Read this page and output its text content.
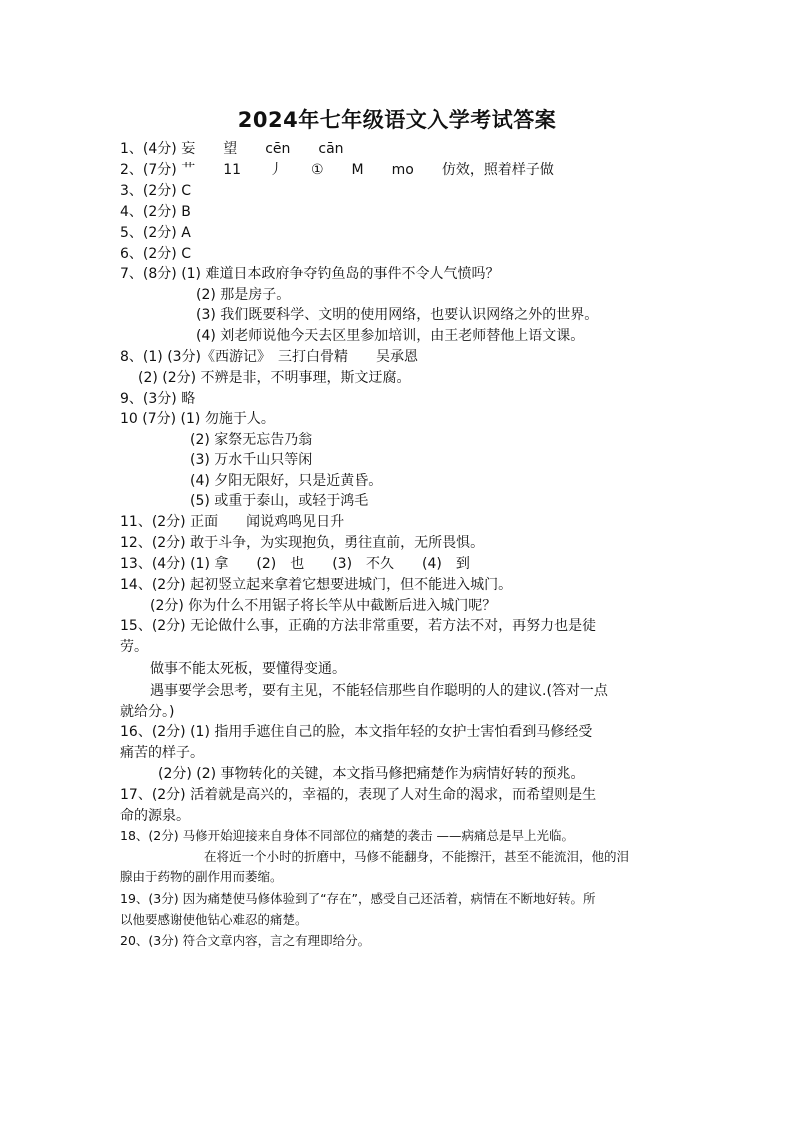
2024年七年级语文入学考试答案
1、(4分) 妄　　望　　cēn　　cān
2、(7分) 艹　　11　　丿　　①　　M　　mo　　仿效，照着样子做
3、(2分) C
4、(2分) B
5、(2分) A
6、(2分) C
7、(8分) (1) 难道日本政府争夺钓鱼岛的事件不令人气愤吗？
(2) 那是房子。
(3) 我们既要科学、文明的使用网络，也要认识网络之外的世界。
(4) 刘老师说他今天去区里参加培训，由王老师替他上语文课。
8、(1) (3分)《西游记》　三打白骨精　　吴承恩
(2) (2分) 不辨是非，不明事理，斯文迂腐。
9、(3分) 略
10 (7分) (1) 勿施于人。
(2) 家祭无忘告乃翁
(3) 万水千山只等闲
(4) 夕阳无限好，只是近黄昏。
(5) 或重于泰山，或轻于鸿毛
11、(2分) 正面　　闻说鸡鸣见日升
12、(2分) 敢于斗争，为实现抱负，勇往直前，无所畏惧。
13、(4分) (1) 拿　　(2)　也　　(3)　不久　　(4)　到
14、(2分) 起初竖立起来拿着它想要进城门，但不能进入城门。
(2分) 你为什么不用锯子将长竿从中截断后进入城门呢？
15、(2分) 无论做什么事，正确的方法非常重要，若方法不对，再努力也是徒
劳。
做事不能太死板，要懂得变通。
遇事要学会思考，要有主见，不能轻信那些自作聪明的人的建议.(答对一点
就给分。)
16、(2分) (1) 指用手遮住自己的脸，本文指年轻的女护士害怕看到马修经受
痛苦的样子。
(2分) (2) 事物转化的关键，本文指马修把痛楚作为病情好转的预兆。
17、(2分) 活着就是高兴的，幸福的，表现了人对生命的渴求，而希望则是生
命的源泉。
18、(2分) 马修开始迎接来自身体不同部位的痛楚的袭击 ——病痛总是早上光临。
在将近一个小时的折磨中，马修不能翻身，不能擦汗，甚至不能流泪，他的泪
腺由于药物的副作用而萎缩。
19、(3分) 因为痛楚使马修体验到了“存在”，感受自己还活着，病情在不断地好转。所
以他要感谢使他钻心难忍的痛楚。
20、(3分) 符合文章内容，言之有理即给分。
